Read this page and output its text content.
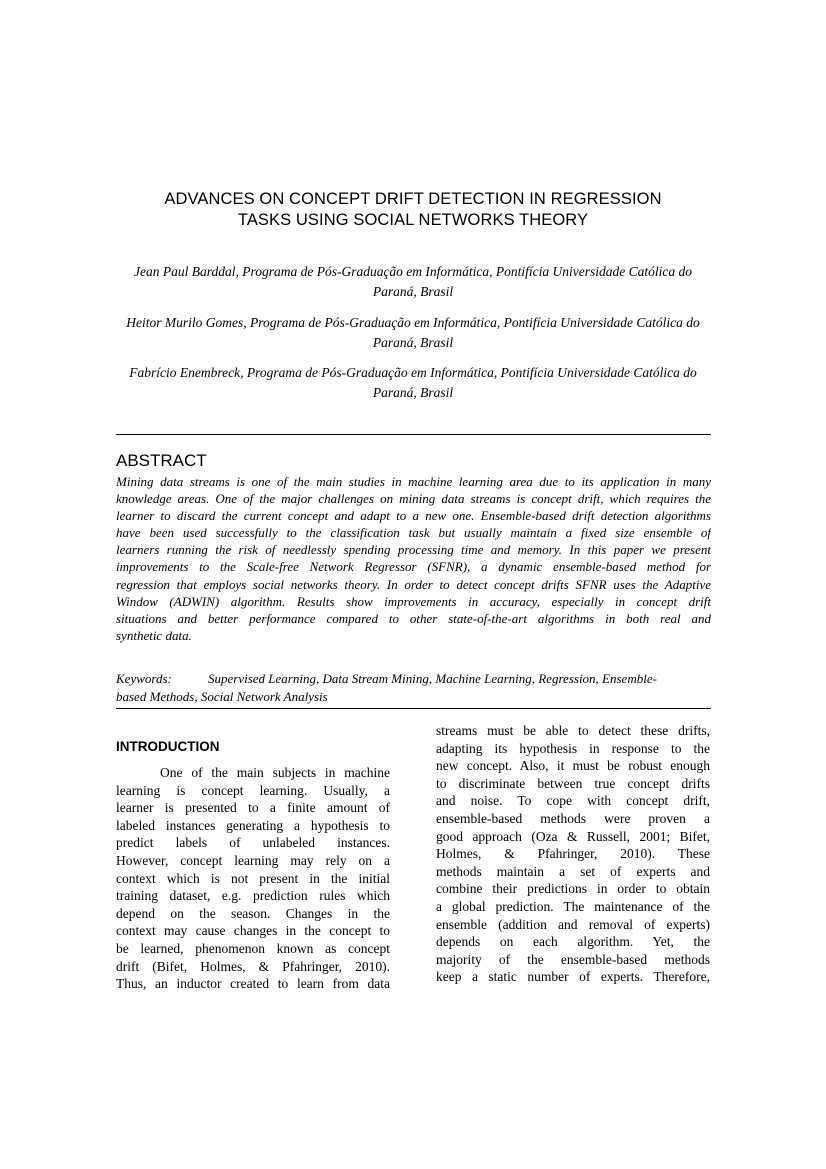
ADVANCES ON CONCEPT DRIFT DETECTION IN REGRESSION
TASKS USING SOCIAL NETWORKS THEORY
Jean Paul Barddal, Programa de Pós-Graduação em Informática, Pontifícia Universidade Católica do
Paraná, Brasil
Heitor Murilo Gomes, Programa de Pós-Graduação em Informática, Pontifícia Universidade Católica do
Paraná, Brasil
Fabrício Enembreck, Programa de Pós-Graduação em Informática, Pontifícia Universidade Católica do
Paraná, Brasil
ABSTRACT
Mining data streams is one of the main studies in machine learning area due to its application in many
knowledge areas. One of the major challenges on mining data streams is concept drift, which requires the
learner to discard the current concept and adapt to a new one. Ensemble-based drift detection algorithms
have been used successfully to the classification task but usually maintain a fixed size ensemble of
learners running the risk of needlessly spending processing time and memory. In this paper we present
improvements to the Scale-free Network Regressor (SFNR), a dynamic ensemble-based method for
regression that employs social networks theory. In order to detect concept drifts SFNR uses the Adaptive
Window (ADWIN) algorithm. Results show improvements in accuracy, especially in concept drift
situations and better performance compared to other state-of-the-art algorithms in both real and
synthetic data.
Keywords:	Supervised Learning, Data Stream Mining, Machine Learning, Regression, Ensemble-
based Methods, Social Network Analysis
INTRODUCTION
One of the main subjects in machine
learning is concept learning. Usually, a
learner is presented to a finite amount of
labeled instances generating a hypothesis to
predict labels of unlabeled instances.
However, concept learning may rely on a
context which is not present in the initial
training dataset, e.g. prediction rules which
depend on the season. Changes in the
context may cause changes in the concept to
be learned, phenomenon known as concept
drift (Bifet, Holmes, & Pfahringer, 2010).
Thus, an inductor created to learn from data
streams must be able to detect these drifts,
adapting its hypothesis in response to the
new concept. Also, it must be robust enough
to discriminate between true concept drifts
and noise. To cope with concept drift,
ensemble-based methods were proven a
good approach (Oza & Russell, 2001; Bifet,
Holmes, & Pfahringer, 2010). These
methods maintain a set of experts and
combine their predictions in order to obtain
a global prediction. The maintenance of the
ensemble (addition and removal of experts)
depends on each algorithm. Yet, the
majority of the ensemble-based methods
keep a static number of experts. Therefore,
